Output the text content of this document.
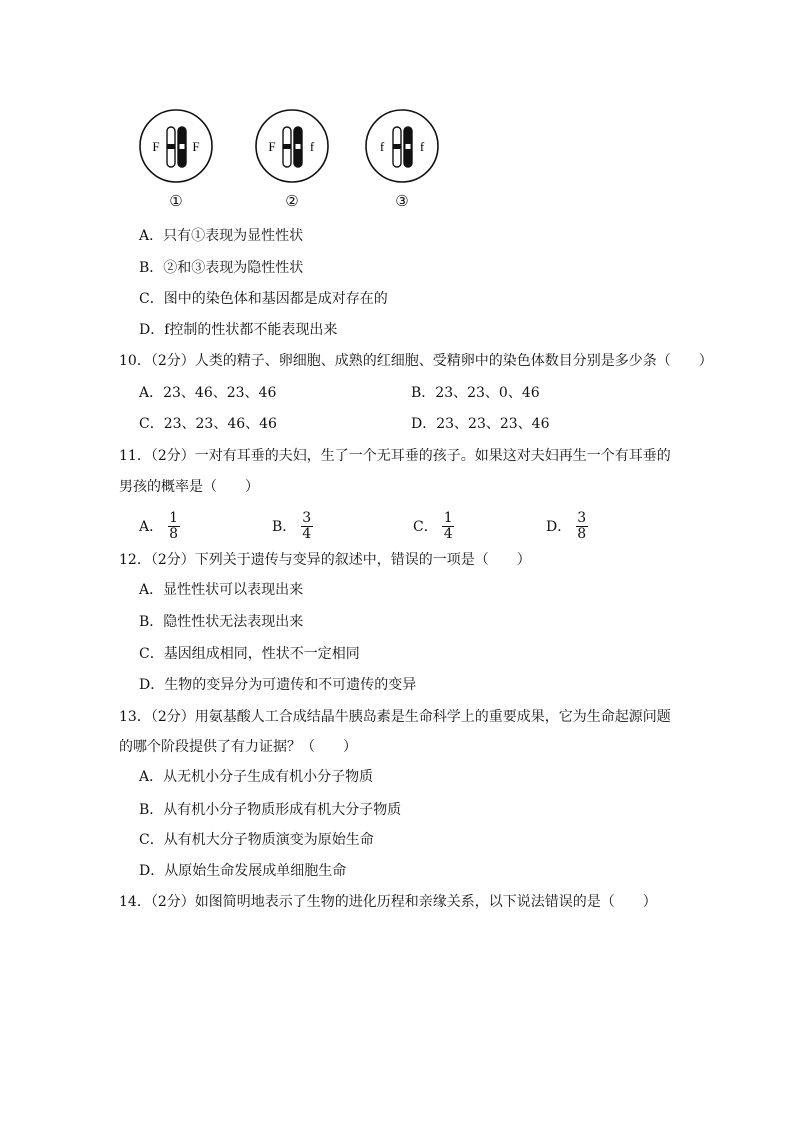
F	F
①
F	f
②
f	f
③
A．只有①表现为显性性状
B．②和③表现为隐性性状
C．图中的染色体和基因都是成对存在的
D．f控制的性状都不能表现出来
10．（2分）人类的精子、卵细胞、成熟的红细胞、受精卵中的染色体数目分别是多少条（　　）
A．23、46、23、46	B．23、23、0、46
C．23、23、46、46	D．23、23、23、46
11．（2分）一对有耳垂的夫妇，生了一个无耳垂的孩子。如果这对夫妇再生一个有耳垂的
男孩的概率是（　　）
A． $\frac{1}{8}$	B． $\frac{3}{4}$	C． $\frac{1}{4}$	D． $\frac{3}{8}$
12．（2分）下列关于遗传与变异的叙述中，错误的一项是（　　）
A．显性性状可以表现出来
B．隐性性状无法表现出来
C．基因组成相同，性状不一定相同
D．生物的变异分为可遗传和不可遗传的变异
13．（2分）用氨基酸人工合成结晶牛胰岛素是生命科学上的重要成果，它为生命起源问题
的哪个阶段提供了有力证据？（　　）
A．从无机小分子生成有机小分子物质
B．从有机小分子物质形成有机大分子物质
C．从有机大分子物质演变为原始生命
D．从原始生命发展成单细胞生命
14．（2分）如图简明地表示了生物的进化历程和亲缘关系，以下说法错误的是（　　）
